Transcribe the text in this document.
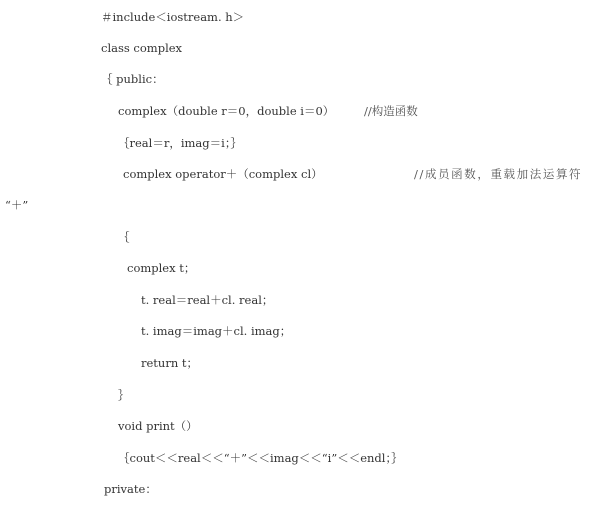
＃include＜iostream. h＞
class complex
｛ public：
complex（double r＝0，double i＝0）	//构造函数
｛real＝r，imag＝i；｝
complex operator＋（complex cl）	//成员函数，重载加法运算符
“＋”
｛
complex t；
t. real＝real＋cl. real；
t. imag＝imag＋cl. imag；
return t；
｝
void print（）
｛cout＜＜real＜＜“＋”＜＜imag＜＜“i”＜＜endl；｝
private：
